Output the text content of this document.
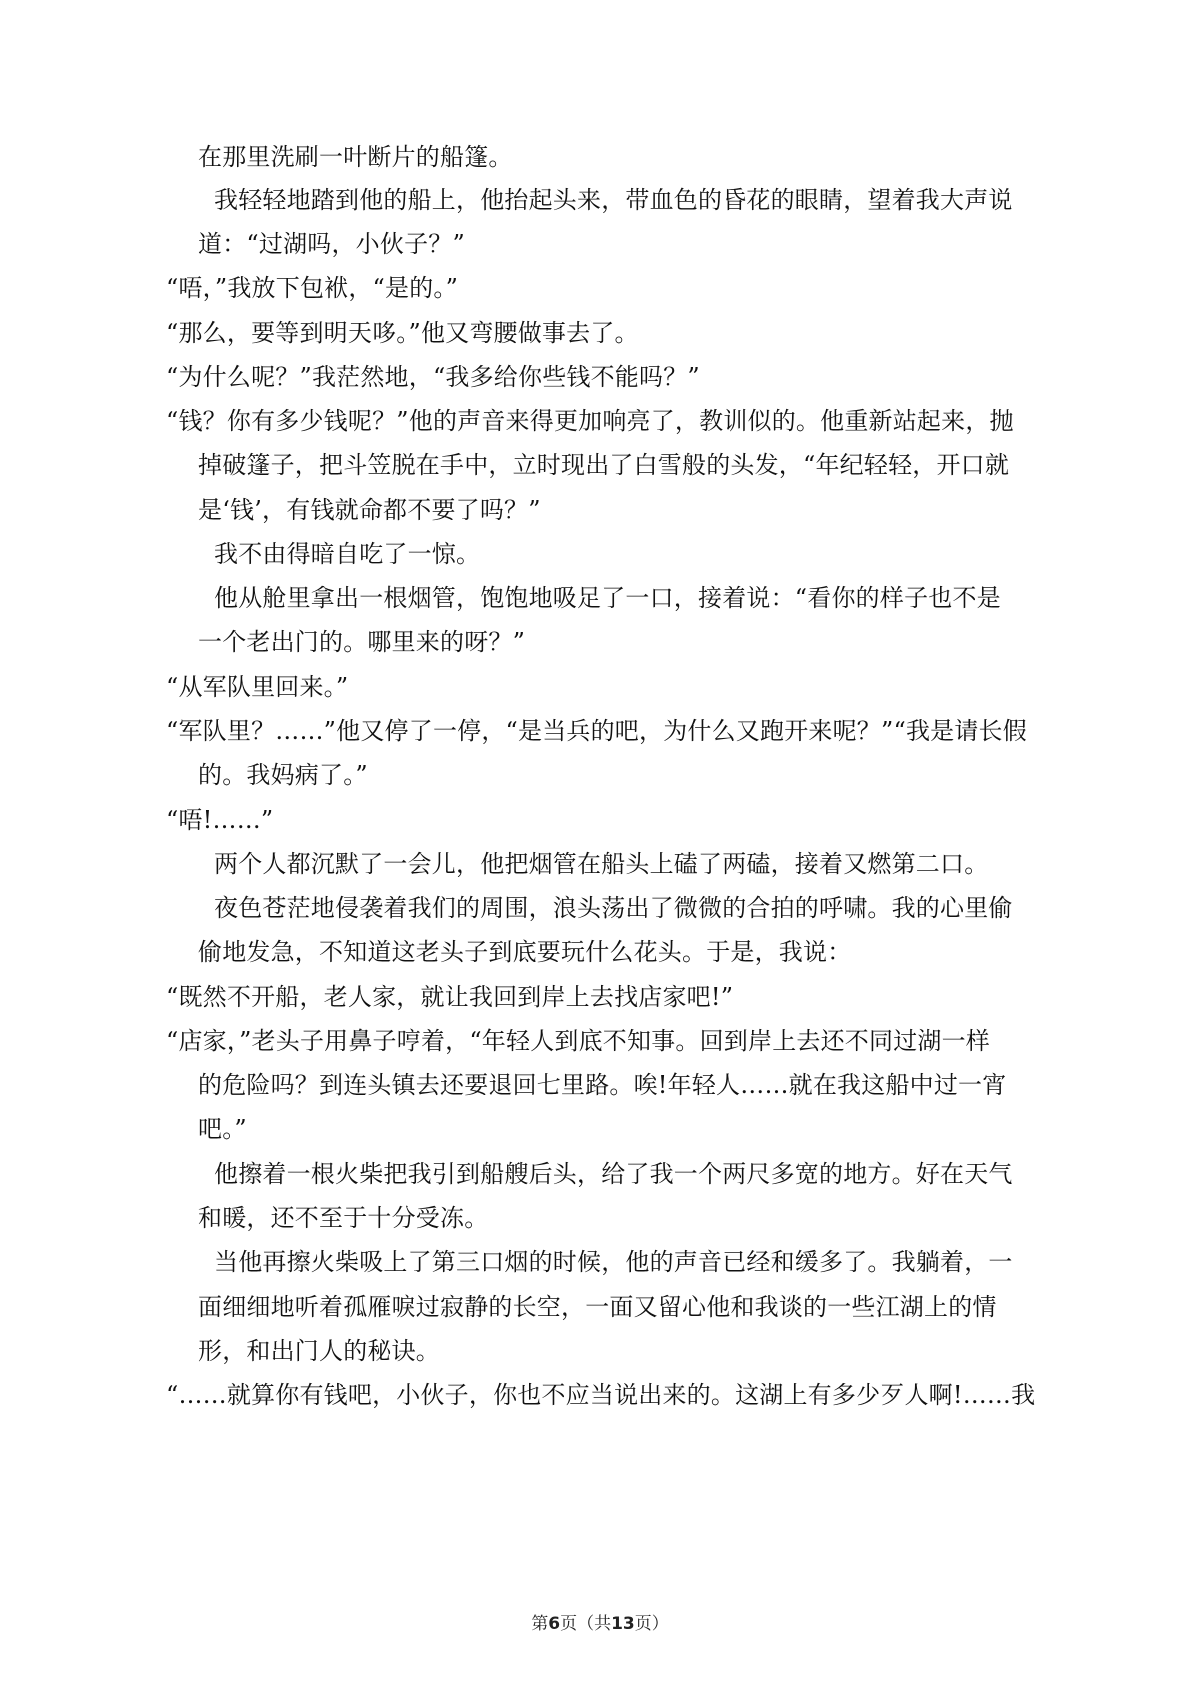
在那里洗刷一叶断片的船篷。
我轻轻地踏到他的船上，他抬起头来，带血色的昏花的眼睛，望着我大声说
道：“过湖吗，小伙子？”
“唔，”我放下包袱，“是的。”
“那么，要等到明天哆。”他又弯腰做事去了。
“为什么呢？”我茫然地，“我多给你些钱不能吗？”
“钱？你有多少钱呢？”他的声音来得更加响亮了，教训似的。他重新站起来，抛
掉破篷子，把斗笠脱在手中，立时现出了白雪般的头发，“年纪轻轻，开口就
是‘钱’，有钱就命都不要了吗？”
我不由得暗自吃了一惊。
他从舱里拿出一根烟管，饱饱地吸足了一口，接着说：“看你的样子也不是
一个老出门的。哪里来的呀？”
“从军队里回来。”
“军队里？……”他又停了一停，“是当兵的吧，为什么又跑开来呢？”“我是请长假
的。我妈病了。”
“唔!……”
两个人都沉默了一会儿，他把烟管在船头上磕了两磕，接着又燃第二口。
夜色苍茫地侵袭着我们的周围，浪头荡出了微微的合拍的呼啸。我的心里偷
偷地发急，不知道这老头子到底要玩什么花头。于是，我说：
“既然不开船，老人家，就让我回到岸上去找店家吧!”
“店家，”老头子用鼻子哼着，“年轻人到底不知事。回到岸上去还不同过湖一样
的危险吗？到连头镇去还要退回七里路。唉!年轻人……就在我这船中过一宵
吧。”
他擦着一根火柴把我引到船艘后头，给了我一个两尺多宽的地方。好在天气
和暖，还不至于十分受冻。
当他再擦火柴吸上了第三口烟的时候，他的声音已经和缓多了。我躺着，一
面细细地听着孤雁唳过寂静的长空，一面又留心他和我谈的一些江湖上的情
形，和出门人的秘诀。
“……就算你有钱吧，小伙子，你也不应当说出来的。这湖上有多少歹人啊!……我
第6页（共13页）
